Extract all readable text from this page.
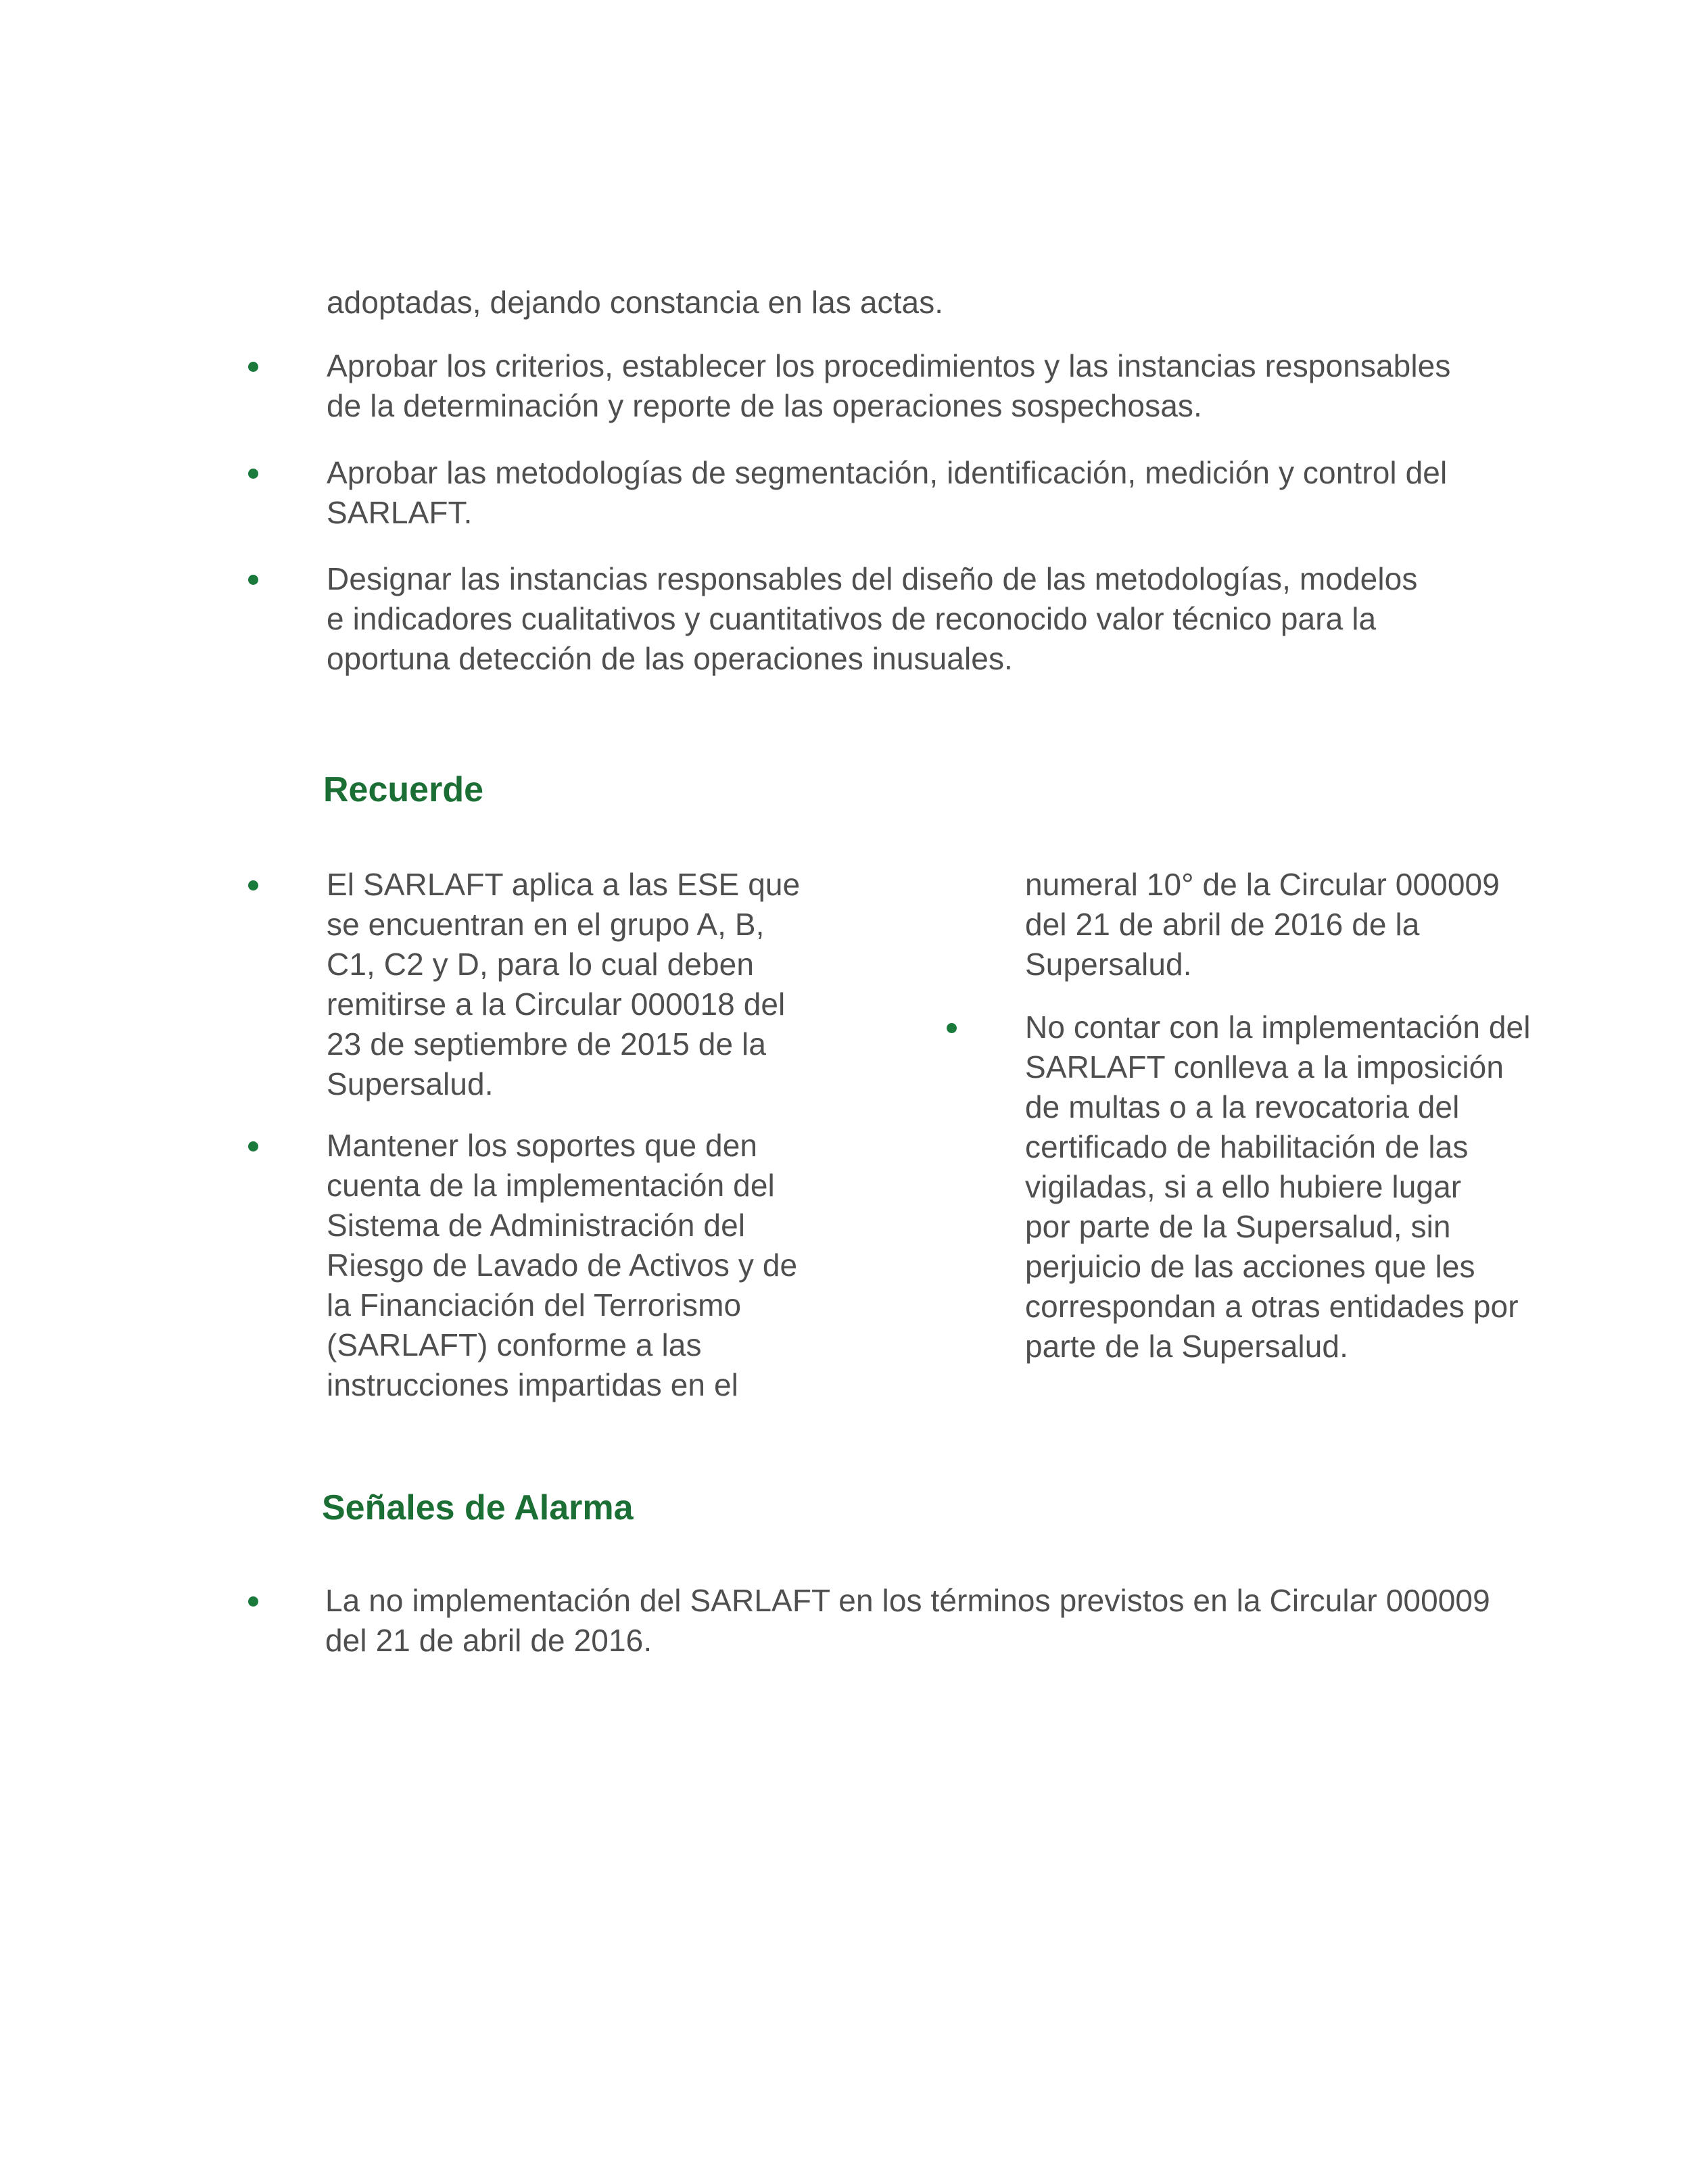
adoptadas, dejando constancia en las actas.
Aprobar los criterios, establecer los procedimientos y las instancias responsables
de la determinación y reporte de las operaciones sospechosas.
Aprobar las metodologías de segmentación, identificación, medición y control del
SARLAFT.
Designar las instancias responsables del diseño de las metodologías, modelos
e indicadores cualitativos y cuantitativos de reconocido valor técnico para la
oportuna detección de las operaciones inusuales.
Recuerde
El SARLAFT aplica a las ESE que
se encuentran en el grupo A, B,
C1, C2 y D, para lo cual deben
remitirse a la Circular 000018 del
23 de septiembre de 2015 de la
Supersalud.
Mantener los soportes que den
cuenta de la implementación del
Sistema de Administración del
Riesgo de Lavado de Activos y de
la Financiación del Terrorismo
(SARLAFT) conforme a las
instrucciones impartidas en el
numeral 10° de la Circular 000009
del 21 de abril de 2016 de la
Supersalud.
No contar con la implementación del
SARLAFT conlleva a la imposición
de multas o a la revocatoria del
certificado de habilitación de las
vigiladas, si a ello hubiere lugar
por parte de la Supersalud, sin
perjuicio de las acciones que les
correspondan a otras entidades por
parte de la Supersalud.
Señales de Alarma
La no implementación del SARLAFT en los términos previstos en la Circular 000009
del 21 de abril de 2016.
